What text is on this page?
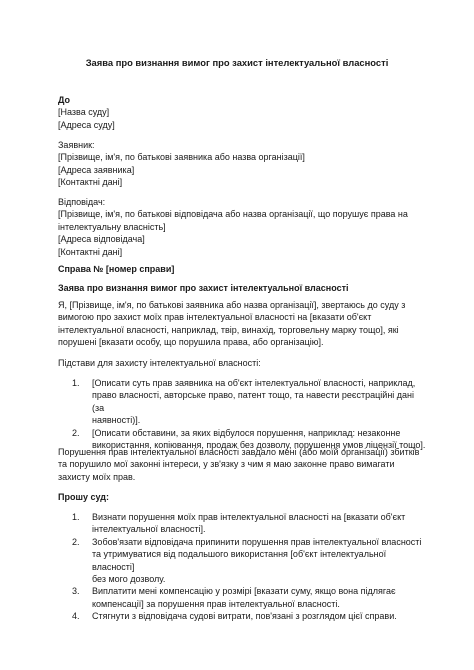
Заява про визнання вимог про захист інтелектуальної власності

До

[Назва суду]

[Адреса суду]

Заявник:

[Прізвище, ім'я, по батькові заявника або назва організації]

[Адреса заявника]

[Контактні дані]

Відповідач:

[Прізвище, ім'я, по батькові відповідача або назва організації, що порушує права на

інтелектуальну власність]

[Адреса відповідача]

[Контактні дані]

Справа № [номер справи]
Заява про визнання вимог про захист інтелектуальної власності

Я, [Прізвище, ім'я, по батькові заявника або назва організації], звертаюсь до суду з

вимогою про захист моїх прав інтелектуальної власності на [вказати об'єкт

інтелектуальної власності, наприклад, твір, винахід, торговельну марку тощо], які

порушені [вказати особу, що порушила права, або організацію].

Підстави для захисту інтелектуальної власності:
1. [Описати суть прав заявника на об'єкт інтелектуальної власності, наприклад,

право власності, авторське право, патент тощо, та навести реєстраційні дані (за

наявності)].

2. [Описати обставини, за яких відбулося порушення, наприклад: незаконне

використання, копіювання, продаж без дозволу, порушення умов ліцензії тощо].

Порушення прав інтелектуальної власності завдало мені (або моїй організації) збитків

та порушило мої законні інтереси, у зв'язку з чим я маю законне право вимагати

захисту моїх прав.

Прошу суд:
1. Визнати порушення моїх прав інтелектуальної власності на [вказати об'єкт

інтелектуальної власності].

2. Зобов'язати відповідача припинити порушення прав інтелектуальної власності

та утримуватися від подальшого використання [об'єкт інтелектуальної власності]

без мого дозволу.

3. Виплатити мені компенсацію у розмірі [вказати суму, якщо вона підлягає

компенсації] за порушення прав інтелектуальної власності.

4. Стягнути з відповідача судові витрати, пов'язані з розглядом цієї справи.
